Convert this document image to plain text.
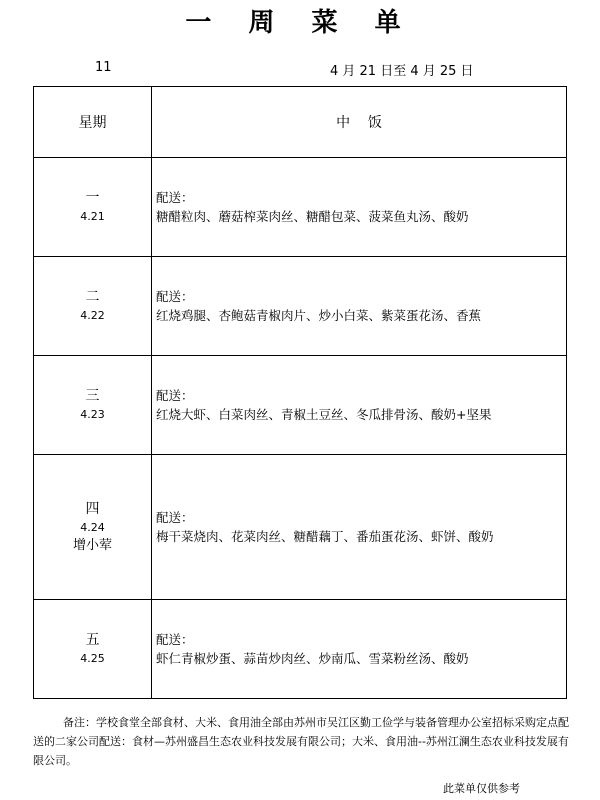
一 周 菜 单
11	4 月 21 日至 4 月 25 日
星期	中    饭

一
4.21	配送：
糖醋粒肉、蘑菇榨菜肉丝、糖醋包菜、菠菜鱼丸汤、酸奶

二
4.22	配送：
红烧鸡腿、杏鲍菇青椒肉片、炒小白菜、紫菜蛋花汤、香蕉

三
4.23	配送：
红烧大虾、白菜肉丝、青椒土豆丝、冬瓜排骨汤、酸奶+坚果

四
4.24
增小荤	配送：
梅干菜烧肉、花菜肉丝、糖醋藕丁、番茄蛋花汤、虾饼、酸奶

五
4.25	配送：
虾仁青椒炒蛋、蒜苗炒肉丝、炒南瓜、雪菜粉丝汤、酸奶
备注：学校食堂全部食材、大米、食用油全部由苏州市吴江区勤工俭学与装备管理办公室招标采购定点配送的二家公司配送：食材—苏州盛昌生态农业科技发展有限公司；大米、食用油--苏州江澜生态农业科技发展有限公司。
此菜单仅供参考
